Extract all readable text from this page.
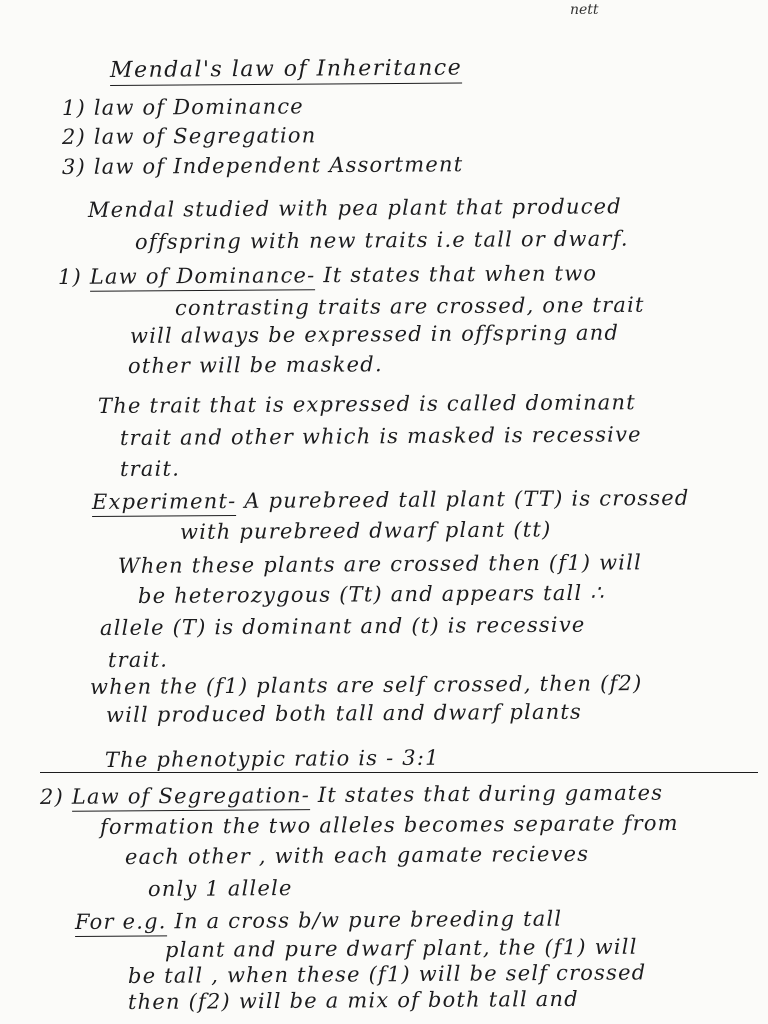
nett
Mendal's law of Inheritance
1) law of Dominance
2) law of Segregation
3) law of Independent Assortment
Mendal studied with pea plant that produced
offspring with new traits i.e tall or dwarf.
1) Law of Dominance- It states that when two
contrasting traits are crossed, one trait
will always be expressed in offspring and
other will be masked.
The trait that is expressed is called dominant
trait and other which is masked is recessive
trait.
Experiment- A purebreed tall plant (TT) is crossed
with purebreed dwarf plant (tt)
When these plants are crossed then (f1) will
be heterozygous (Tt) and appears tall ∴
allele (T) is dominant and (t) is recessive
trait.
when the (f1) plants are self crossed, then (f2)
will produced both tall and dwarf plants
The phenotypic ratio is - 3:1
2) Law of Segregation- It states that during gamates
formation the two alleles becomes separate from
each other , with each gamate recieves
only 1 allele
For e.g. In a cross b/w pure breeding tall
plant and pure dwarf plant, the (f1) will
be tall , when these (f1) will be self crossed
then (f2) will be a mix of both tall and
